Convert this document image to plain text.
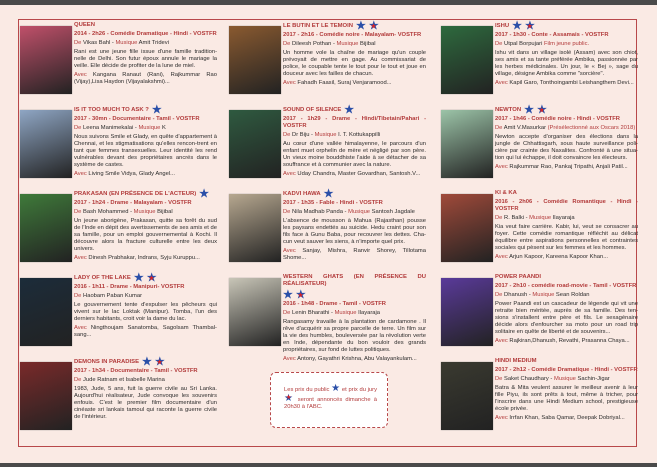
QUEEN
2014 - 2h26 - Comédie Dramatique - Hindi - VOSTFR
De Vikas Bahl - Musique Amit Tridevi
Rani est une jeune fille issue d'une famille tradition-nelle de Delhi. Son futur époux annule le mariage la veille. Elle décide de profiter de la lune de miel.
Avec Kangana Ranaut (Rani), Rajkummar Rao (Vijay),Lisa Haydon (Vijayalakshmi)...
IS IT TOO MUCH TO ASK ? ★
2017 - 30mn - Documentaire - Tamil - VOSTFR
De Leena Manimekalai - Musique K
Nous suivons Smile et Glady, en quête d'appartement à Chennai, et les stigmatisations qu'elles rencon-trent en tant que femmes transexuelles. Leur identité les rend vulnérables devant des propriétaires ancrés dans le système de castes.
Avec Living Smile Vidya, Glady Angel...
PRAKASAN (EN PRÉSENCE DE L'ACTEUR) ★
2017 - 1h24 - Drame - Malayalam - VOSTFR
De Bash Mohammed - Musique Bijibal
Un jeune aborigène, Prakasan, quitte sa forêt du sud de l'Inde en dépit des avertissements de ses amis et de sa famille, pour un emploi gouvernemental à Kochi. Il découvre alors la fracture culturelle entre les deux univers.
Avec Dinesh Prabhakar, Indrans, Syju Kuruppu...
LADY OF THE LAKE ★ ★ ★
2016 - 1h11 - Drame - Manipuri- VOSTFR
De Haobam Paban Kumar
Le gouvernement tente d'expulser les pêcheurs qui vivent sur le lac Loktak (Manipur). Tomba, l'un des derniers habitants, croit voir la dame du lac.
Avec Ningthoujam Sanatomba, Sagolsam Thambal-sang...
DEMONS IN PARADISE ★ ★ ★
2017 - 1h34 - Documentaire - Tamil - VOSTFR
De Jude Ratnam et Isabelle Marina
1983, Jude, 5 ans, fuit la guerre civile au Sri Lanka. Aujourd'hui réalisateur, Jude convoque les souvenirs enfouis. C'est le premier film documentaire d'un cinéaste sri lankais tamoul qui raconte la guerre civile de l'intérieur.
LE BUTIN ET LE TEMOIN ★ ★ ★
2017 - 2h16 - Comédie noire - Malayalam- VOSTFR
De Dileesh Pothan - Musique Bijibal
Un homme vole la chaîne de mariage qu'un couple prévoyait de mettre en gage. Au commissariat de police, le coupable tente le tout pour le tout et joue en douceur avec les failles de chacun.
Avec Fahadh Faasil, Suraj Venjaramood...
SOUND OF SILENCE ★
2017 - 1h29 - Drame - Hindi/Tibetain/Pahari - VOSTFR
De Dr Biju - Musique I. T. Kottukappilli
Au cœur d'une vallée himalayenne, le parcours d'un enfant muet orphelin de mère et négligé par son père. Un vieux moine bouddhiste l'aide à se détacher de sa souffrance et à communier avec la nature.
Avec Uday Chandra, Master Govardhan, Santosh.V...
KADVI HAWA ★
2017 - 1h35 - Fable - Hindi - VOSTFR
De Nila Madhab Panda - Musique Santosh Jagdale
L'absence de mousson à Mahua (Rajasthan) pousse les paysans endettés au suicide. Hedu craint pour son fils face à Gunu Baba, pour recouvrer les dettes. Cha-cun veut sauver les siens, à n'importe quel prix.
Avec Sanjay, Mishra, Ranvir Shorey, Tillotama Shome...
WESTERN GHATS (EN PRÉSENCE DU RÉALISATEUR)
★ ★ ★
2016 - 1h48 - Drame - Tamil - VOSTFR
De Lenin Bharathi - Musique Ilayaraja
Rangasamy travaille à la plantation de cardamone . Il rêve d'acquérir sa propre parcelle de terre. Un film sur la vie des humbles, bouleversée par la révolution verte en Inde, dépendante du bon vouloir des grands propriétaires, sur fond de luttes politiques.
Avec Antony, Gayathri Krishna, Abu Valayankulam...
Les prix du public ★ et prix du jury ★ ★ seront annoncés dimanche à 20h30 à l'ABC.
ISHU ★ ★ ★
2017 - 1h30 - Conte - Assamais - VOSTFR
De Utpal Borpujari Film jeune public.
Ishu vit dans un village isolé (Assam) avec son chiot, ses amis et sa tante préférée Ambika, passionnée par les herbes médicinales. Un jour, le « Bej », sage du village, désigne Ambika comme "sorcière".
Avec Kapil Garo, Tonthoingambi Leishangthem Devi...
NEWTON ★ ★ ★
2017 - 1h46 - Comédie noire - Hindi - VOSTFR
De Amit V.Masurkar (Présélectionné aux Oscars 2018)
Newton accepte d'organiser des élections dans la jungle de Chhattisgarh, sous haute surveillance poli-cière par crainte des Naxalites. Confronté à une situa-tion qui lui échappe, il doit convaincre les électeurs.
Avec Rajkummar Rao, Pankaj Tripathi, Anjali Patil...
KI & KA
2016 - 2h06 - Comédie Romantique - Hindi - VOSTFR
De R. Balki - Musique Ilayaraja
Kia veut faire carrière. Kabir, lui, veut se consacrer au foyer. Cette comédie romantique réfléchit au délicat équilibre entre aspirations personnelles et contraintes sociales qui pèsent sur les femmes et les hommes.
Avec Arjun Kapoor, Kareena Kapoor Khan...
POWER PAANDI
2017 - 2h10 - comédie road-movie - Tamil - VOSTFR
De Dhanush - Musique Sean Roldan
Power Paandi est un cascadeur de légende qui vit une retraite bien méritée, auprès de sa famille. Des ten-sions s'installent entre père et fils. Le sexagénaire décide alors d'enfourcher sa moto pour un road trip solitaire en quête de liberté et de souvenirs...
Avec Rajkiran,Dhanush, Revathi, Prasanna Chaya...
HINDI MEDIUM
2017 - 2h12 - Comédie Dramatique - Hindi - VOSTFR
De Saket Chaudhary - Musique Sachin-Jigar
Batra & Mita veulent assurer le meilleur avenir à leur fille Piyu, ils sont prêts à tout, même à tricher, pour l'inscrire dans une Hindi Medium school, prestigieuse école privée.
Avec Irrfan Khan, Saba Qamar, Deepak Dobriyal...
